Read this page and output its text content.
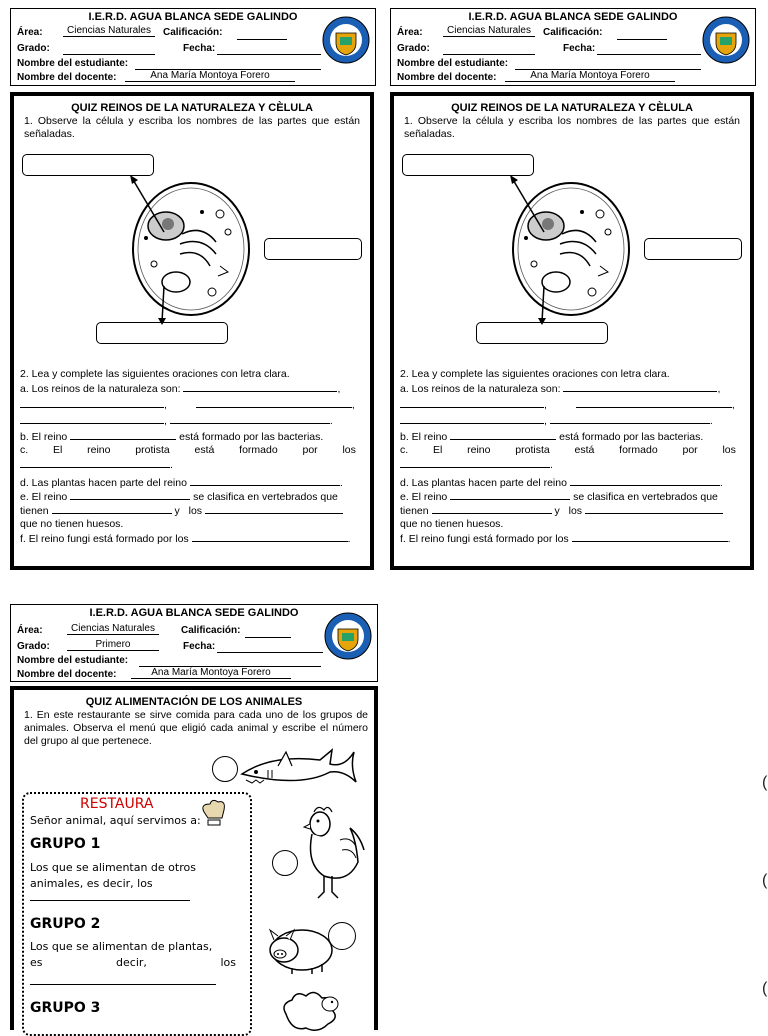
I.E.R.D. AGUA BLANCA SEDE GALINDO
Área:	Ciencias Naturales	Calificación:
Grado:	Fecha:
Nombre del estudiante:
Nombre del docente:	Ana María Montoya Forero
QUIZ REINOS DE LA NATURALEZA Y CÈLULA
1. Observe la célula y escriba los nombres de las partes que están señaladas.
2. Lea y complete las siguientes oraciones con letra clara.
a. Los reinos de la naturaleza son:	,
,	,
,	.
b. El reino	está formado por las bacterias.
c. El reino protista está formado por los
.
d. Las plantas hacen parte del reino	.
e. El reino	se clasifica en vertebrados que
tienen	y los
que no tienen huesos.
f. El reino fungi está formado por los	.
I.E.R.D. AGUA BLANCA SEDE GALINDO
Área:	Ciencias Naturales	Calificación:
Grado:	Fecha:
Nombre del estudiante:
Nombre del docente:	Ana María Montoya Forero
QUIZ REINOS DE LA NATURALEZA Y CÈLULA
1. Observe la célula y escriba los nombres de las partes que están señaladas.
2. Lea y complete las siguientes oraciones con letra clara.
a. Los reinos de la naturaleza son:	,
,	,
,	.
b. El reino	está formado por las bacterias.
c. El reino protista está formado por los
.
d. Las plantas hacen parte del reino	.
e. El reino	se clasifica en vertebrados que
tienen	y los
que no tienen huesos.
f. El reino fungi está formado por los	.
I.E.R.D. AGUA BLANCA SEDE GALINDO
Área:	Ciencias Naturales	Calificación:
Grado:	Primero	Fecha:
Nombre del estudiante:
Nombre del docente:	Ana María Montoya Forero
QUIZ ALIMENTACIÓN DE LOS ANIMALES
1. En este restaurante se sirve comida para cada uno de los grupos de animales. Observa el menú que eligió cada animal y escribe el número del grupo al que pertenece.
RESTAURA
Señor animal, aquí servimos a:
GRUPO 1
Los que se alimentan de otros animales, es decir, los
GRUPO 2
Los que se alimentan de plantas,
es	decir,	los
GRUPO 3
(
(
(
